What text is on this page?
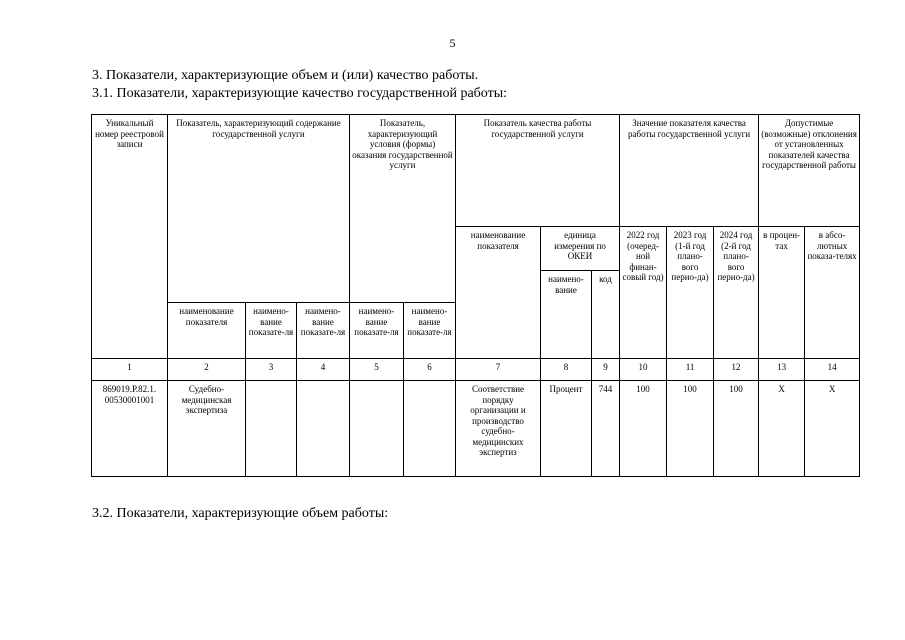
5
3. Показатели, характеризующие объем и (или) качество работы.
3.1. Показатели, характеризующие качество государственной работы:
Уникальный номер реестровой записи	Показатель, характеризующий содержание государственной услуги			Показатель, характеризующий условия (формы) оказания государственной услуги		Показатель качества работы государственной услуги			Значение показателя качества работы государственной услуги			Допустимые (возможные) отклонения от установленных показателей качества государственной работы	
						наименование показателя	единица измерения по ОКЕИ		2022 год (очеред-ной финан-совый год)	2023 год (1-й год плано-вого перио-да)	2024 год (2-й год плано-вого перио-да)	в процен-тах	в абсо-лютных показа-телях
							наимено-вание	код					
	наименование показателя	наимено-вание показате-ля	наимено-вание показате-ля	наимено-вание показате-ля	наимено-вание показате-ля								
1	2	3	4	5	6	7	8	9	10	11	12	13	14
869019.Р.82.1. 00530001001	Судебно-медицинская экспертиза					Соответствие порядку организации и производство судебно-медицинских экспертиз	Процент	744	100	100	100	Х	Х
3.2. Показатели, характеризующие объем работы:
